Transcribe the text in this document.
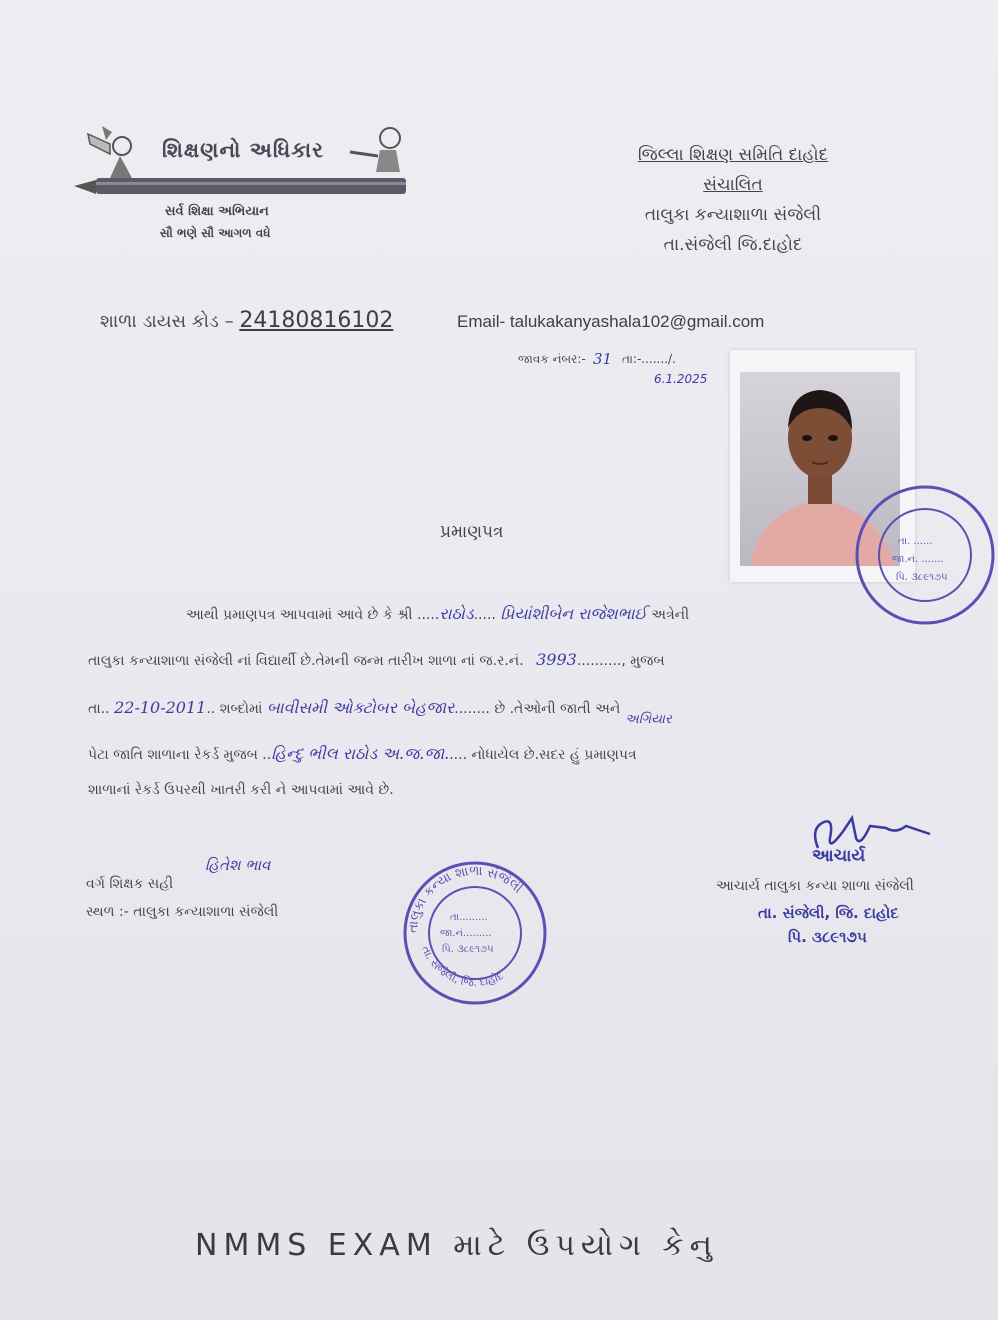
શિક્ષણનો અધિકાર
સર્વ શિક્ષા અભિયાન
સૌ ભણે સૌ આગળ વધે
જિલ્લા શિક્ષણ સમિતિ દાહોદ
સંચાલિત
તાલુકા કન્યાશાળા સંજેલી
તા.સંજેલી જિ.દાહોદ
શાળા ડાયસ કોડ – 24180816102	Email- talukakanyashala102@gmail.com
જાવક નંબર:- 31 તા:-......./.
6.1.2025
તા. ......
જા.નં. .......
પિ. ૩૮૯૧૭૫
પ્રમાણપત્ર
આથી પ્રમાણપત્ર આપવામાં આવે છે કે શ્રી .....રાઠોડ..... પ્રિયાંશીબેન રાજેશભાઈ અત્રેની
તાલુકા કન્યાશાળા સંજેલી નાં વિદ્યાર્થી છે.તેમની જન્મ તારીખ શાળા નાં જ.ર.નં. 3993.........., મુજબ
તા.. 22-10-2011.. શબ્દોમાં બાવીસમી ઓક્ટોબર બેહજાર........ છે .તેઓની જાતી અને
અગિયાર
પેટા જાતિ શાળાના રેકર્ડ મુજબ ..હિન્દુ ભીલ રાઠોડ અ.જ.જા..... નોધાયેલ છે.સદર હું પ્રમાણપત્ર
શાળાનાં રેકર્ડ ઉપરથી ખાતરી કરી ને આપવામાં આવે છે.
વર્ગ શિક્ષક સહી
હિતેશ ભાવ
સ્થળ :- તાલુકા કન્યાશાળા સંજેલી
તાલુકા કન્યા શાળા સંજેલી
તા. સંજેલી, જિ. દાહોદ
તા.........
જા.નં.........
પિ. ૩૮૯૧૭૫
આચાર્ય
આચાર્ય તાલુકા કન્યા શાળા સંજેલી
તા. સંજેલી, જિ. દાહોદ
પિ. ૩૮૯૧૭૫
NMMS EXAM માટે ઉપયોગ કેનુ
